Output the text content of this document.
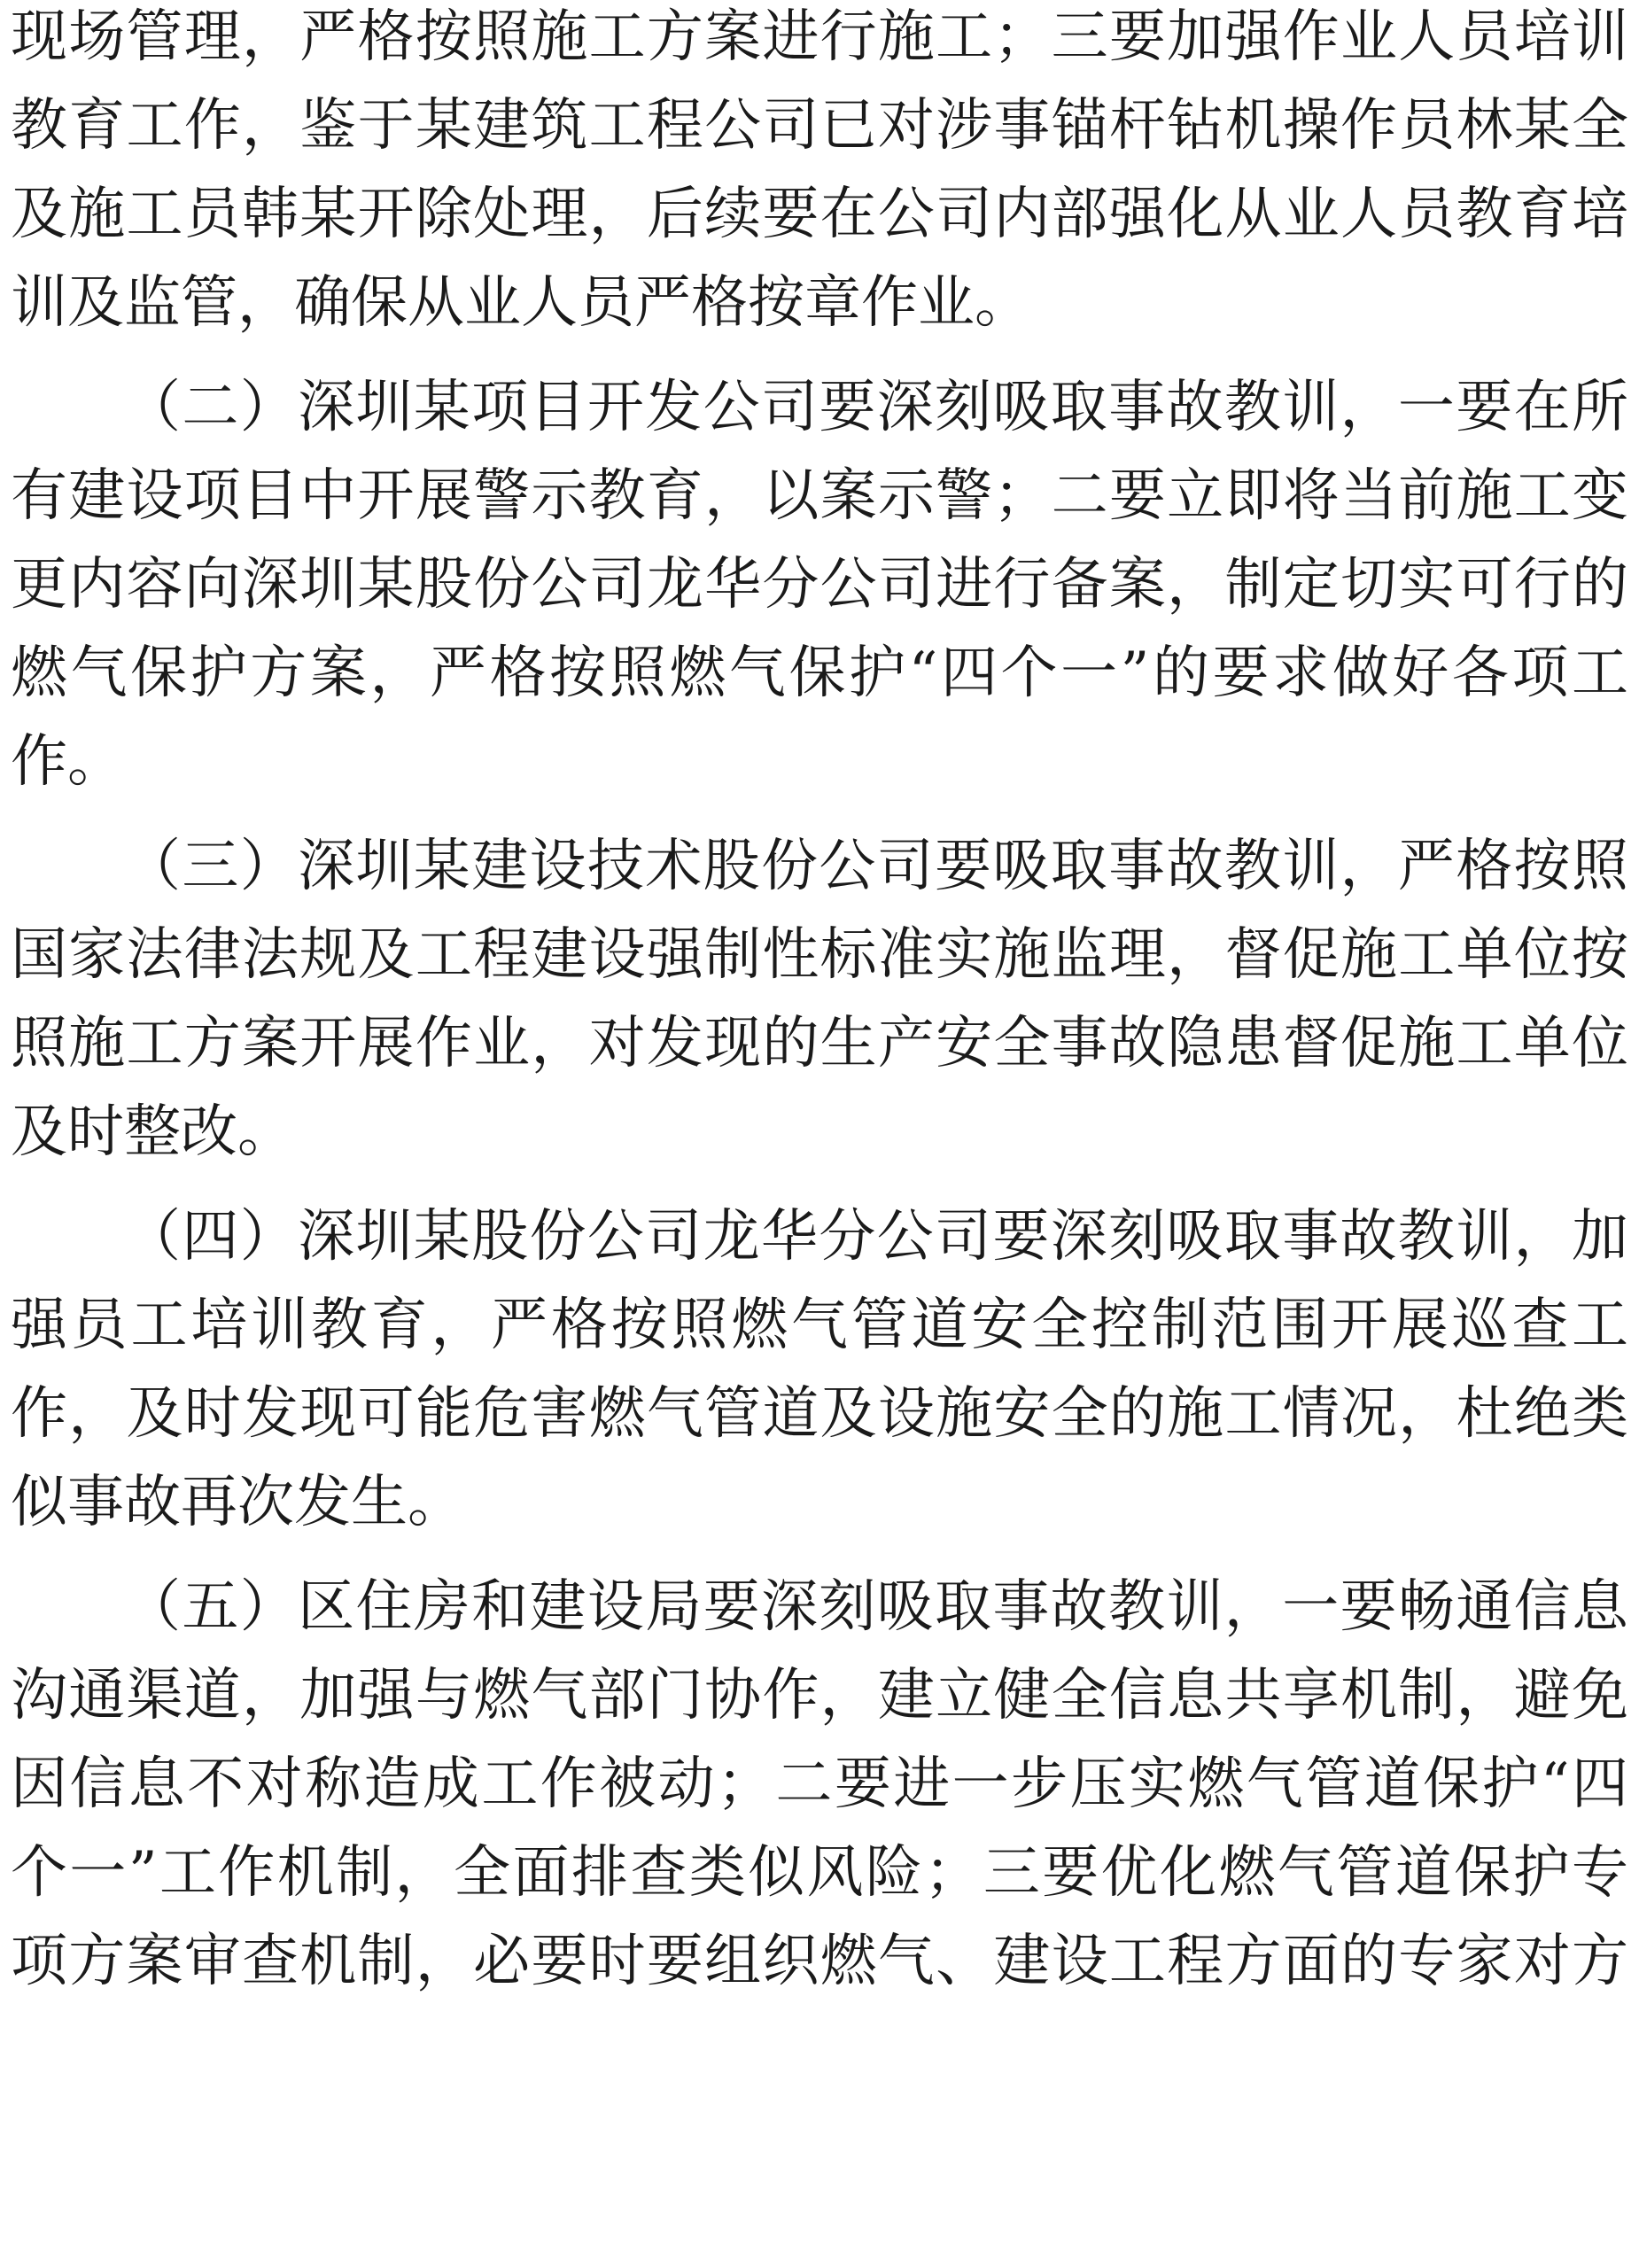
现场管理，严格按照施工方案进行施工；三要加强作业人员培训
教育工作，鉴于某建筑工程公司已对涉事锚杆钻机操作员林某全
及施工员韩某开除处理，后续要在公司内部强化从业人员教育培
训及监管，确保从业人员严格按章作业。
（二）深圳某项目开发公司要深刻吸取事故教训，一要在所
有建设项目中开展警示教育，以案示警；二要立即将当前施工变
更内容向深圳某股份公司龙华分公司进行备案，制定切实可行的
燃气保护方案，严格按照燃气保护“四个一”的要求做好各项工
作。
（三）深圳某建设技术股份公司要吸取事故教训，严格按照
国家法律法规及工程建设强制性标准实施监理，督促施工单位按
照施工方案开展作业，对发现的生产安全事故隐患督促施工单位
及时整改。
（四）深圳某股份公司龙华分公司要深刻吸取事故教训，加
强员工培训教育，严格按照燃气管道安全控制范围开展巡查工
作，及时发现可能危害燃气管道及设施安全的施工情况，杜绝类
似事故再次发生。
（五）区住房和建设局要深刻吸取事故教训，一要畅通信息
沟通渠道，加强与燃气部门协作，建立健全信息共享机制，避免
因信息不对称造成工作被动；二要进一步压实燃气管道保护“四
个一”工作机制，全面排查类似风险；三要优化燃气管道保护专
项方案审查机制，必要时要组织燃气、建设工程方面的专家对方
